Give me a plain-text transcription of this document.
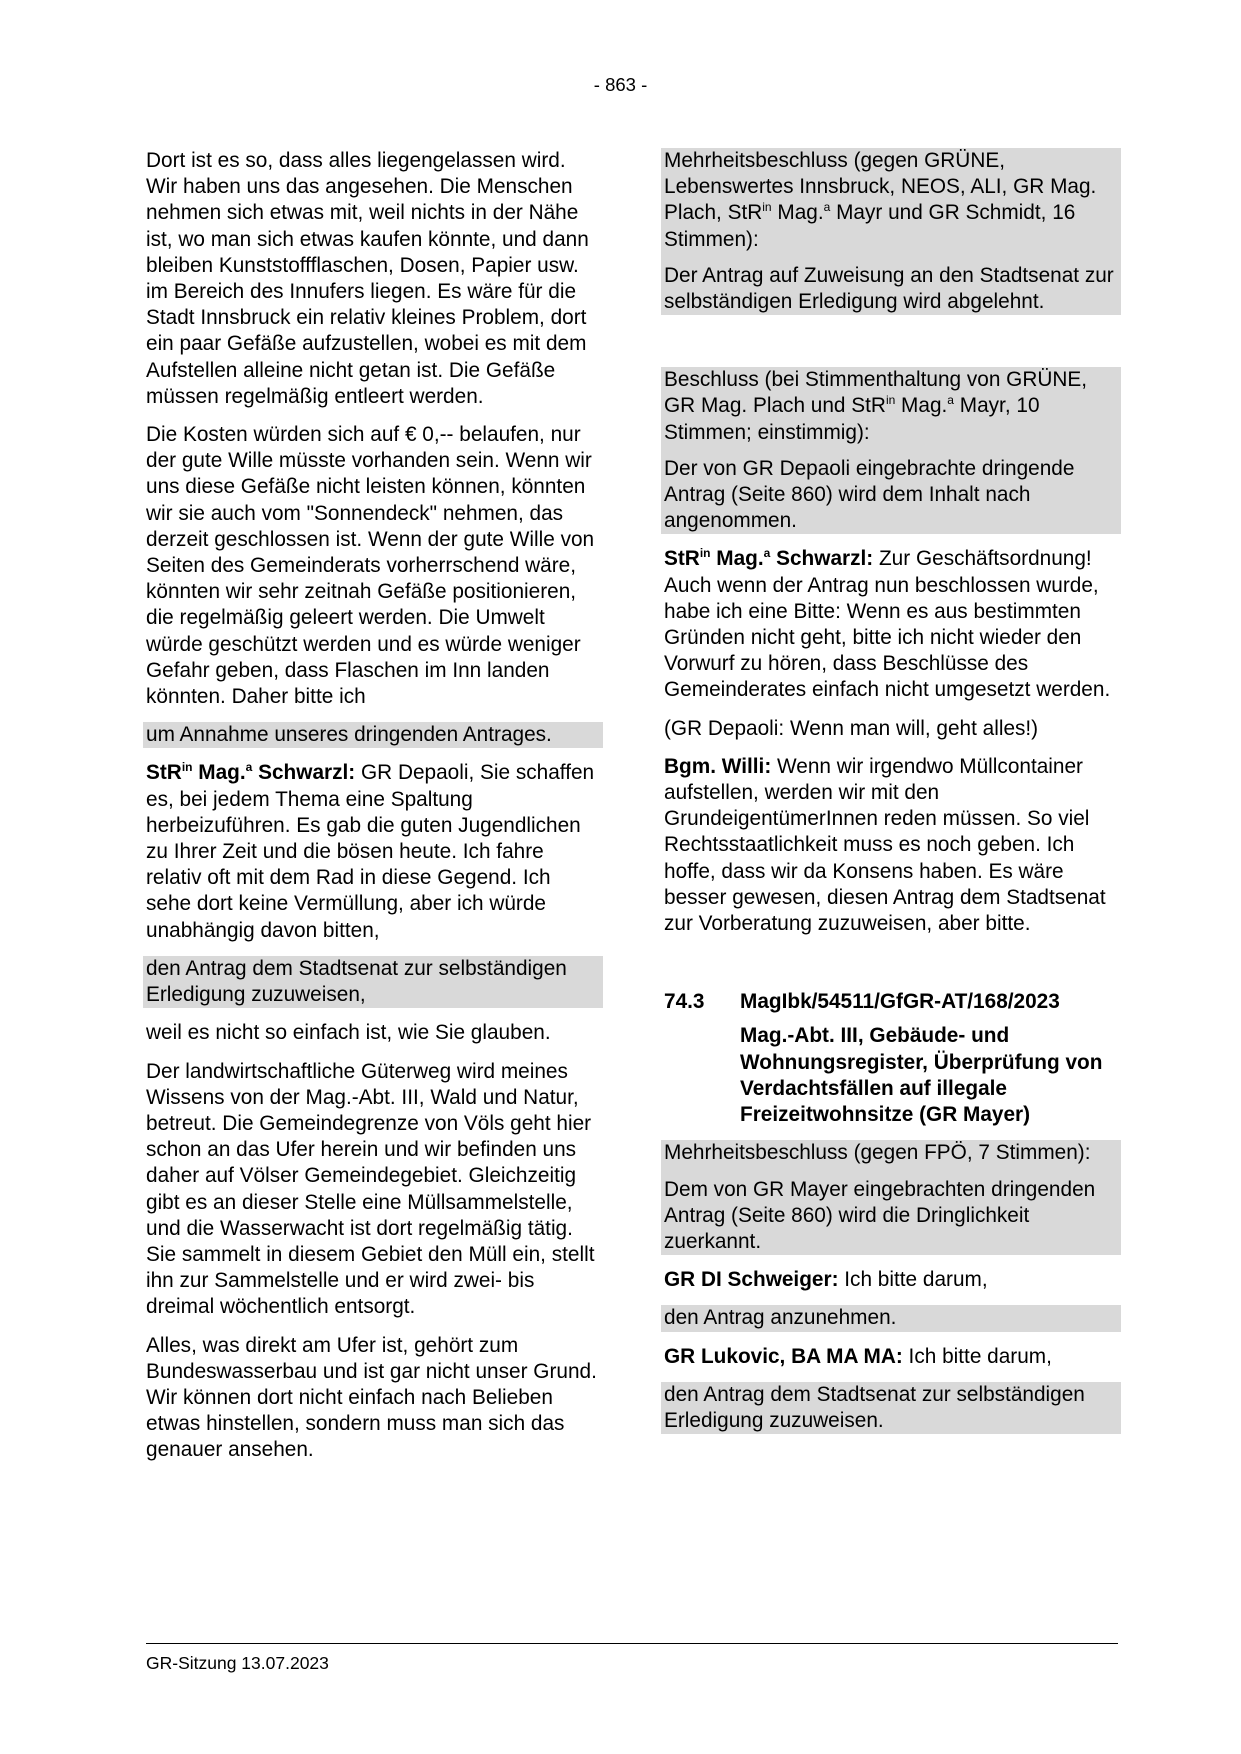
- 863 -

Dort ist es so, dass alles liegengelassen wird. Wir haben uns das angesehen. Die Menschen nehmen sich etwas mit, weil nichts in der Nähe ist, wo man sich etwas kaufen könnte, und dann bleiben Kunststoffflaschen, Dosen, Papier usw. im Bereich des Innufers liegen. Es wäre für die Stadt Innsbruck ein relativ kleines Problem, dort ein paar Gefäße aufzustellen, wobei es mit dem Aufstellen alleine nicht getan ist. Die Gefäße müssen regelmäßig entleert werden.

Die Kosten würden sich auf € 0,-- belaufen, nur der gute Wille müsste vorhanden sein. Wenn wir uns diese Gefäße nicht leisten können, könnten wir sie auch vom "Sonnendeck" nehmen, das derzeit geschlossen ist. Wenn der gute Wille von Seiten des Gemeinderats vorherrschend wäre, könnten wir sehr zeitnah Gefäße positionieren, die regelmäßig geleert werden. Die Umwelt würde geschützt werden und es würde weniger Gefahr geben, dass Flaschen im Inn landen könnten. Daher bitte ich

um Annahme unseres dringenden Antrages.

StR$^{in}$ Mag.$^a$ Schwarzl: GR Depaoli, Sie schaffen es, bei jedem Thema eine Spaltung herbeizuführen. Es gab die guten Jugendlichen zu Ihrer Zeit und die bösen heute. Ich fahre relativ oft mit dem Rad in diese Gegend. Ich sehe dort keine Vermüllung, aber ich würde unabhängig davon bitten,

den Antrag dem Stadtsenat zur selbständigen Erledigung zuzuweisen,

weil es nicht so einfach ist, wie Sie glauben.

Der landwirtschaftliche Güterweg wird meines Wissens von der Mag.-Abt. III, Wald und Natur, betreut. Die Gemeindegrenze von Völs geht hier schon an das Ufer herein und wir befinden uns daher auf Völser Gemeindegebiet. Gleichzeitig gibt es an dieser Stelle eine Müllsammelstelle, und die Wasserwacht ist dort regelmäßig tätig. Sie sammelt in diesem Gebiet den Müll ein, stellt ihn zur Sammelstelle und er wird zwei- bis dreimal wöchentlich entsorgt.

Alles, was direkt am Ufer ist, gehört zum Bundeswasserbau und ist gar nicht unser Grund. Wir können dort nicht einfach nach Belieben etwas hinstellen, sondern muss man sich das genauer ansehen.

Mehrheitsbeschluss (gegen GRÜNE, Lebenswertes Innsbruck, NEOS, ALI, GR Mag. Plach, StR$^{in}$ Mag.$^a$ Mayr und GR Schmidt, 16 Stimmen):

Der Antrag auf Zuweisung an den Stadtsenat zur selbständigen Erledigung wird abgelehnt.

Beschluss (bei Stimmenthaltung von GRÜNE, GR Mag. Plach und StR$^{in}$ Mag.$^a$ Mayr, 10 Stimmen; einstimmig):

Der von GR Depaoli eingebrachte dringende Antrag (Seite 860) wird dem Inhalt nach angenommen.

StR$^{in}$ Mag.$^a$ Schwarzl: Zur Geschäftsordnung! Auch wenn der Antrag nun beschlossen wurde, habe ich eine Bitte: Wenn es aus bestimmten Gründen nicht geht, bitte ich nicht wieder den Vorwurf zu hören, dass Beschlüsse des Gemeinderates einfach nicht umgesetzt werden.

(GR Depaoli: Wenn man will, geht alles!)

Bgm. Willi: Wenn wir irgendwo Müllcontainer aufstellen, werden wir mit den GrundeigentümerInnen reden müssen. So viel Rechtsstaatlichkeit muss es noch geben. Ich hoffe, dass wir da Konsens haben. Es wäre besser gewesen, diesen Antrag dem Stadtsenat zur Vorberatung zuzuweisen, aber bitte.

74.3	MagIbk/54511/GfGR-AT/168/2023
Mag.-Abt. III, Gebäude- und Wohnungsregister, Überprüfung von Verdachtsfällen auf illegale Freizeitwohnsitze (GR Mayer)

Mehrheitsbeschluss (gegen FPÖ, 7 Stimmen):

Dem von GR Mayer eingebrachten dringenden Antrag (Seite 860) wird die Dringlichkeit zuerkannt.

GR DI Schweiger: Ich bitte darum,

den Antrag anzunehmen.

GR Lukovic, BA MA MA: Ich bitte darum,

den Antrag dem Stadtsenat zur selbständigen Erledigung zuzuweisen.

GR-Sitzung 13.07.2023
